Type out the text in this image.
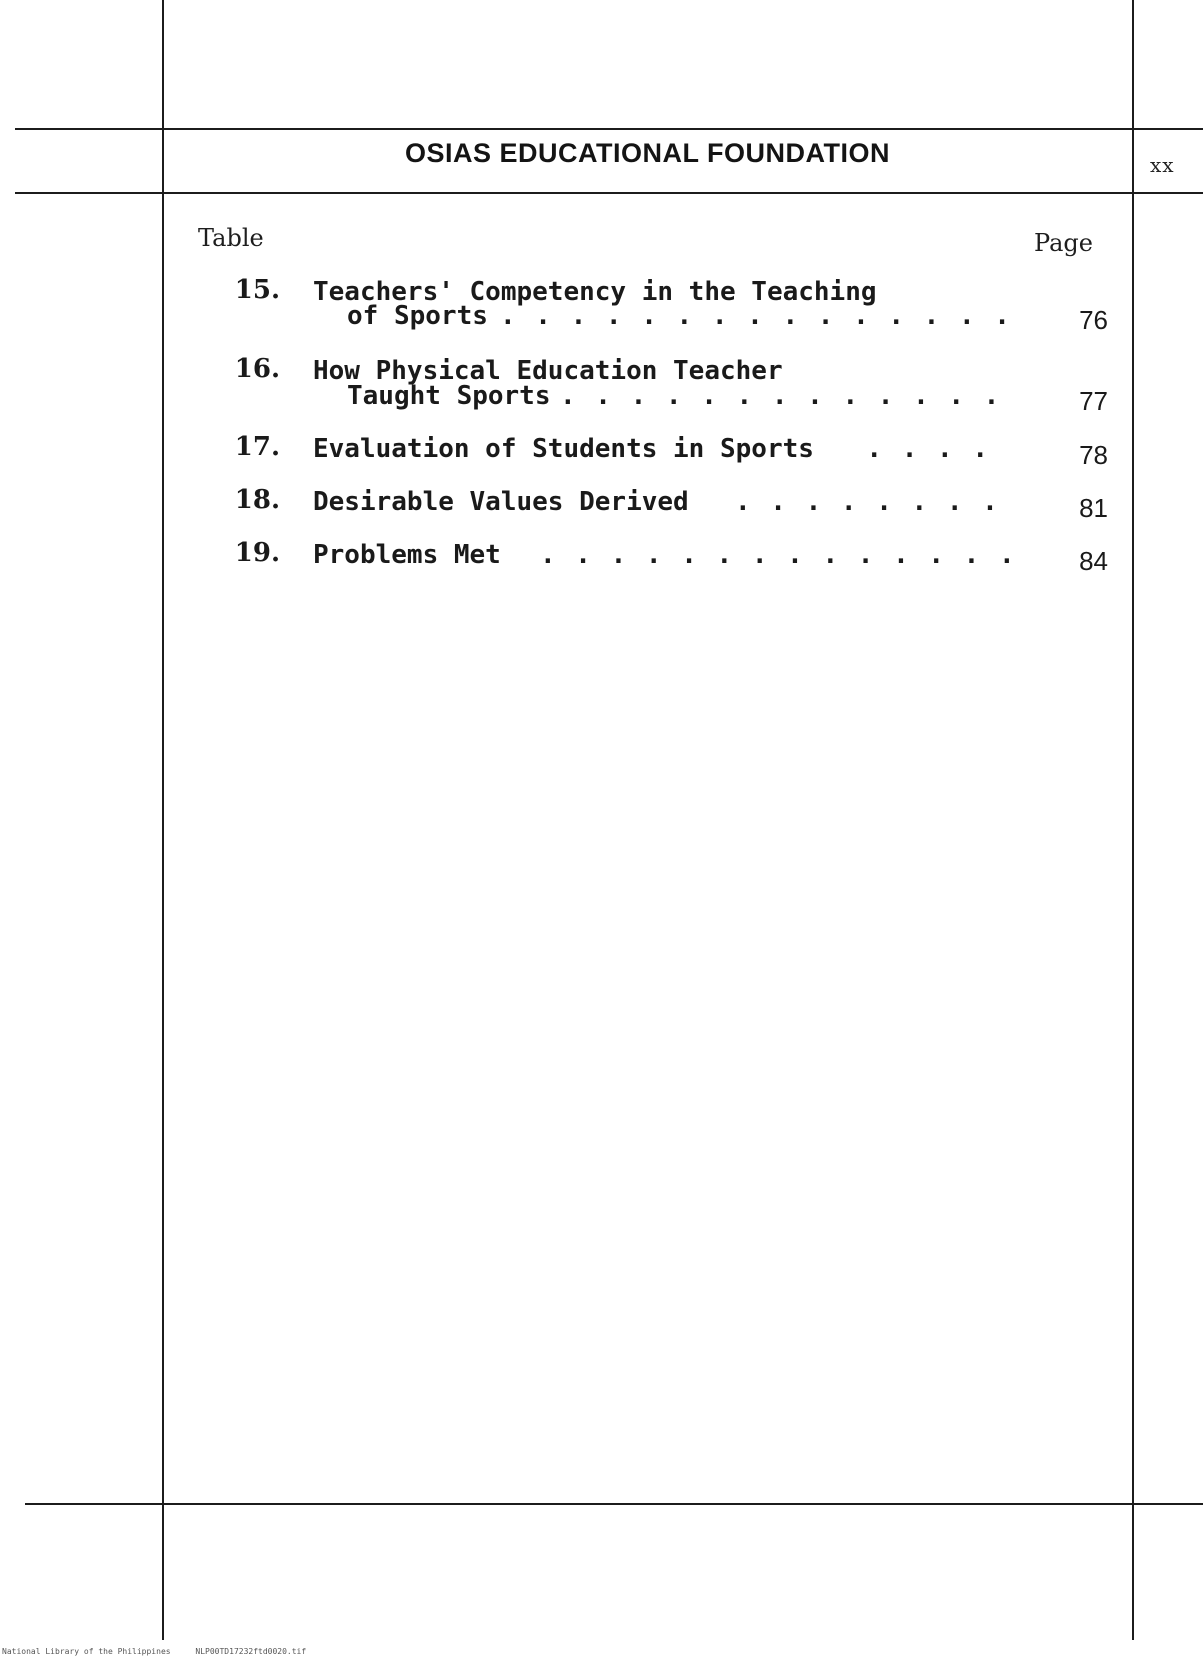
xx
OSIAS EDUCATIONAL FOUNDATION
Table	Page
15. Teachers' Competency in the Teaching
of Sports . . . . . . . . . . . . . . .	76
16. How Physical Education Teacher
Taught Sports . . . . . . . . . . . . .	77
17. Evaluation of Students in Sports . . . .	78
18. Desirable Values Derived . . . . . . . .	81
19. Problems Met . . . . . . . . . . . . . .	84
National Library of the Philippines	NLP00TD17232ftd0020.tif
